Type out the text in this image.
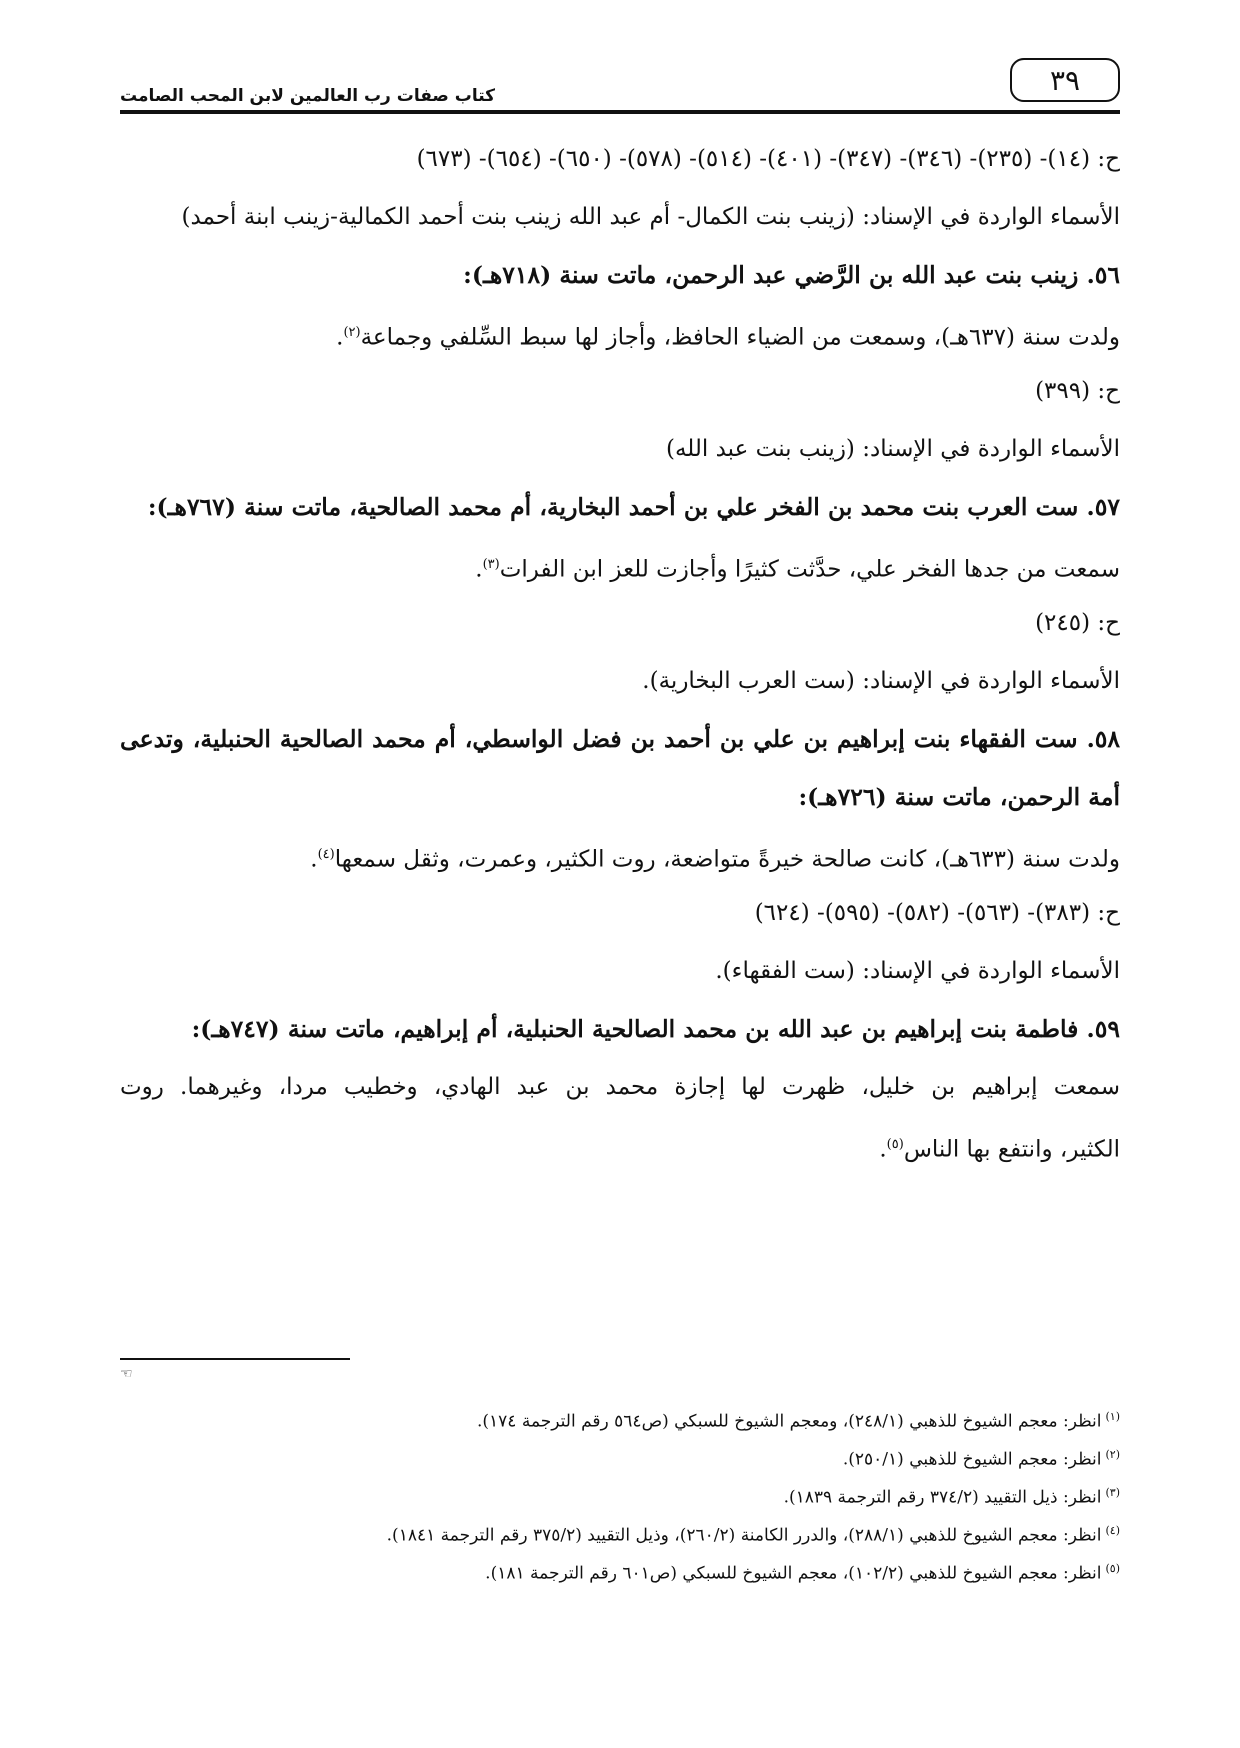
٣٩
كتاب صفات رب العالمين لابن المحب الصامت
ح: (١٤)- (٢٣٥)- (٣٤٦)- (٣٤٧)- (٤٠١)- (٥١٤)- (٥٧٨)- (٦٥٠)- (٦٥٤)- (٦٧٣)
الأسماء الواردة في الإسناد: (زينب بنت الكمال- أم عبد الله زينب بنت أحمد الكمالية-زينب ابنة أحمد)
٥٦. زينب بنت عبد الله بن الرَّضي عبد الرحمن، ماتت سنة (٧١٨هـ):
ولدت سنة (٦٣٧هـ)، وسمعت من الضياء الحافظ، وأجاز لها سبط السِّلفي وجماعة$^{(٢)}$.
ح: (٣٩٩)
الأسماء الواردة في الإسناد: (زينب بنت عبد الله)
٥٧. ست العرب بنت محمد بن الفخر علي بن أحمد البخارية، أم محمد الصالحية، ماتت سنة (٧٦٧هـ):
سمعت من جدها الفخر علي، حدَّثت كثيرًا وأجازت للعز ابن الفرات$^{(٣)}$.
ح: (٢٤٥)
الأسماء الواردة في الإسناد: (ست العرب البخارية).
٥٨. ست الفقهاء بنت إبراهيم بن علي بن أحمد بن فضل الواسطي، أم محمد الصالحية الحنبلية، وتدعى
أمة الرحمن، ماتت سنة (٧٢٦هـ):
ولدت سنة (٦٣٣هـ)، كانت صالحة خيرةً متواضعة، روت الكثير، وعمرت، وثقل سمعها$^{(٤)}$.
ح: (٣٨٣)- (٥٦٣)- (٥٨٢)- (٥٩٥)- (٦٢٤)
الأسماء الواردة في الإسناد: (ست الفقهاء).
٥٩. فاطمة بنت إبراهيم بن عبد الله بن محمد الصالحية الحنبلية، أم إبراهيم، ماتت سنة (٧٤٧هـ):
سمعت إبراهيم بن خليل، ظهرت لها إجازة محمد بن عبد الهادي، وخطيب مردا، وغيرهما. روت
الكثير، وانتفع بها الناس$^{(٥)}$.
☜
$^{(١)}$انظر: معجم الشيوخ للذهبي (٢٤٨/١)، ومعجم الشيوخ للسبكي (ص٥٦٤ رقم الترجمة ١٧٤).
$^{(٢)}$انظر: معجم الشيوخ للذهبي (٢٥٠/١).
$^{(٣)}$انظر: ذيل التقييد (٣٧٤/٢ رقم الترجمة ١٨٣٩).
$^{(٤)}$انظر: معجم الشيوخ للذهبي (٢٨٨/١)، والدرر الكامنة (٢٦٠/٢)، وذيل التقييد (٣٧٥/٢ رقم الترجمة ١٨٤١).
$^{(٥)}$انظر: معجم الشيوخ للذهبي (١٠٢/٢)، معجم الشيوخ للسبكي (ص٦٠١ رقم الترجمة ١٨١).
